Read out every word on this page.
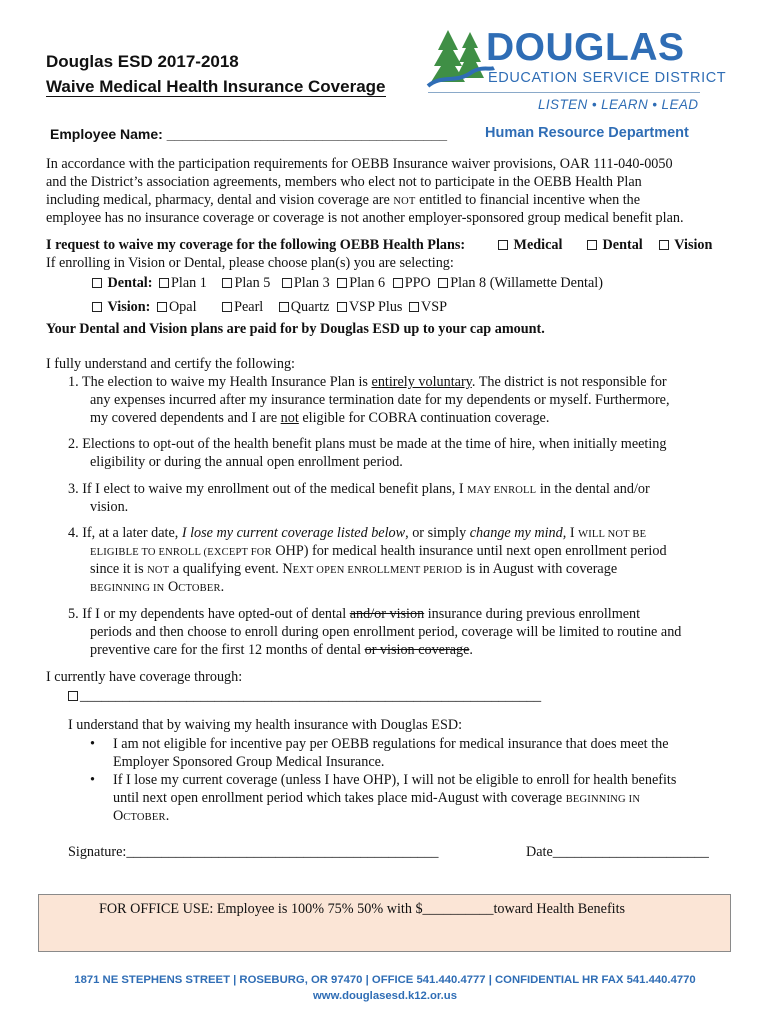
Douglas ESD 2017-2018
Waive Medical Health Insurance Coverage
DOUGLAS
EDUCATION SERVICE DISTRICT
LISTEN • LEARN • LEAD
Employee Name: ____________________________________	Human Resource Department
In accordance with the participation requirements for OEBB Insurance waiver provisions, OAR 111-040-0050
and the District’s association agreements, members who elect not to participate in the OEBB Health Plan
including medical, pharmacy, dental and vision coverage are NOT entitled to financial incentive when the
employee has no insurance coverage or coverage is not another employer-sponsored group medical benefit plan.
I request to waive my coverage for the following OEBB Health Plans:	Medical	Dental	Vision
If enrolling in Vision or Dental, please choose plan(s) you are selecting:
Dental: Plan 1 Plan 5 Plan 3 Plan 6 PPO Plan 8 (Willamette Dental)
Vision: Opal	Pearl Quartz VSP Plus VSP
Your Dental and Vision plans are paid for by Douglas ESD up to your cap amount.
I fully understand and certify the following:
1. The election to waive my Health Insurance Plan is entirely voluntary. The district is not responsible for
any expenses incurred after my insurance termination date for my dependents or myself. Furthermore,
my covered dependents and I are not eligible for COBRA continuation coverage.
2. Elections to opt-out of the health benefit plans must be made at the time of hire, when initially meeting
eligibility or during the annual open enrollment period.
3. If I elect to waive my enrollment out of the medical benefit plans, I MAY ENROLL in the dental and/or
vision.
4. If, at a later date, I lose my current coverage listed below, or simply change my mind, I WILL NOT BE
ELIGIBLE TO ENROLL (EXCEPT FOR OHP) for medical health insurance until next open enrollment period
since it is NOT a qualifying event. NEXT OPEN ENROLLMENT PERIOD is in August with coverage
BEGINNING IN OCTOBER.
5. If I or my dependents have opted-out of dental and/or vision insurance during previous enrollment
periods and then choose to enroll during open enrollment period, coverage will be limited to routine and
preventive care for the first 12 months of dental or vision coverage.
I currently have coverage through:
_________________________________________________________________
I understand that by waiving my health insurance with Douglas ESD:
• I am not eligible for incentive pay per OEBB regulations for medical insurance that does meet the
Employer Sponsored Group Medical Insurance.
• If I lose my current coverage (unless I have OHP), I will not be eligible to enroll for health benefits
until next open enrollment period which takes place mid-August with coverage BEGINNING IN
OCTOBER.
Signature:____________________________________________	Date______________________
FOR OFFICE USE: Employee is 100% 75% 50% with $__________toward Health Benefits
1871 NE STEPHENS STREET | ROSEBURG, OR 97470 | OFFICE 541.440.4777 | CONFIDENTIAL HR FAX 541.440.4770
www.douglasesd.k12.or.us
